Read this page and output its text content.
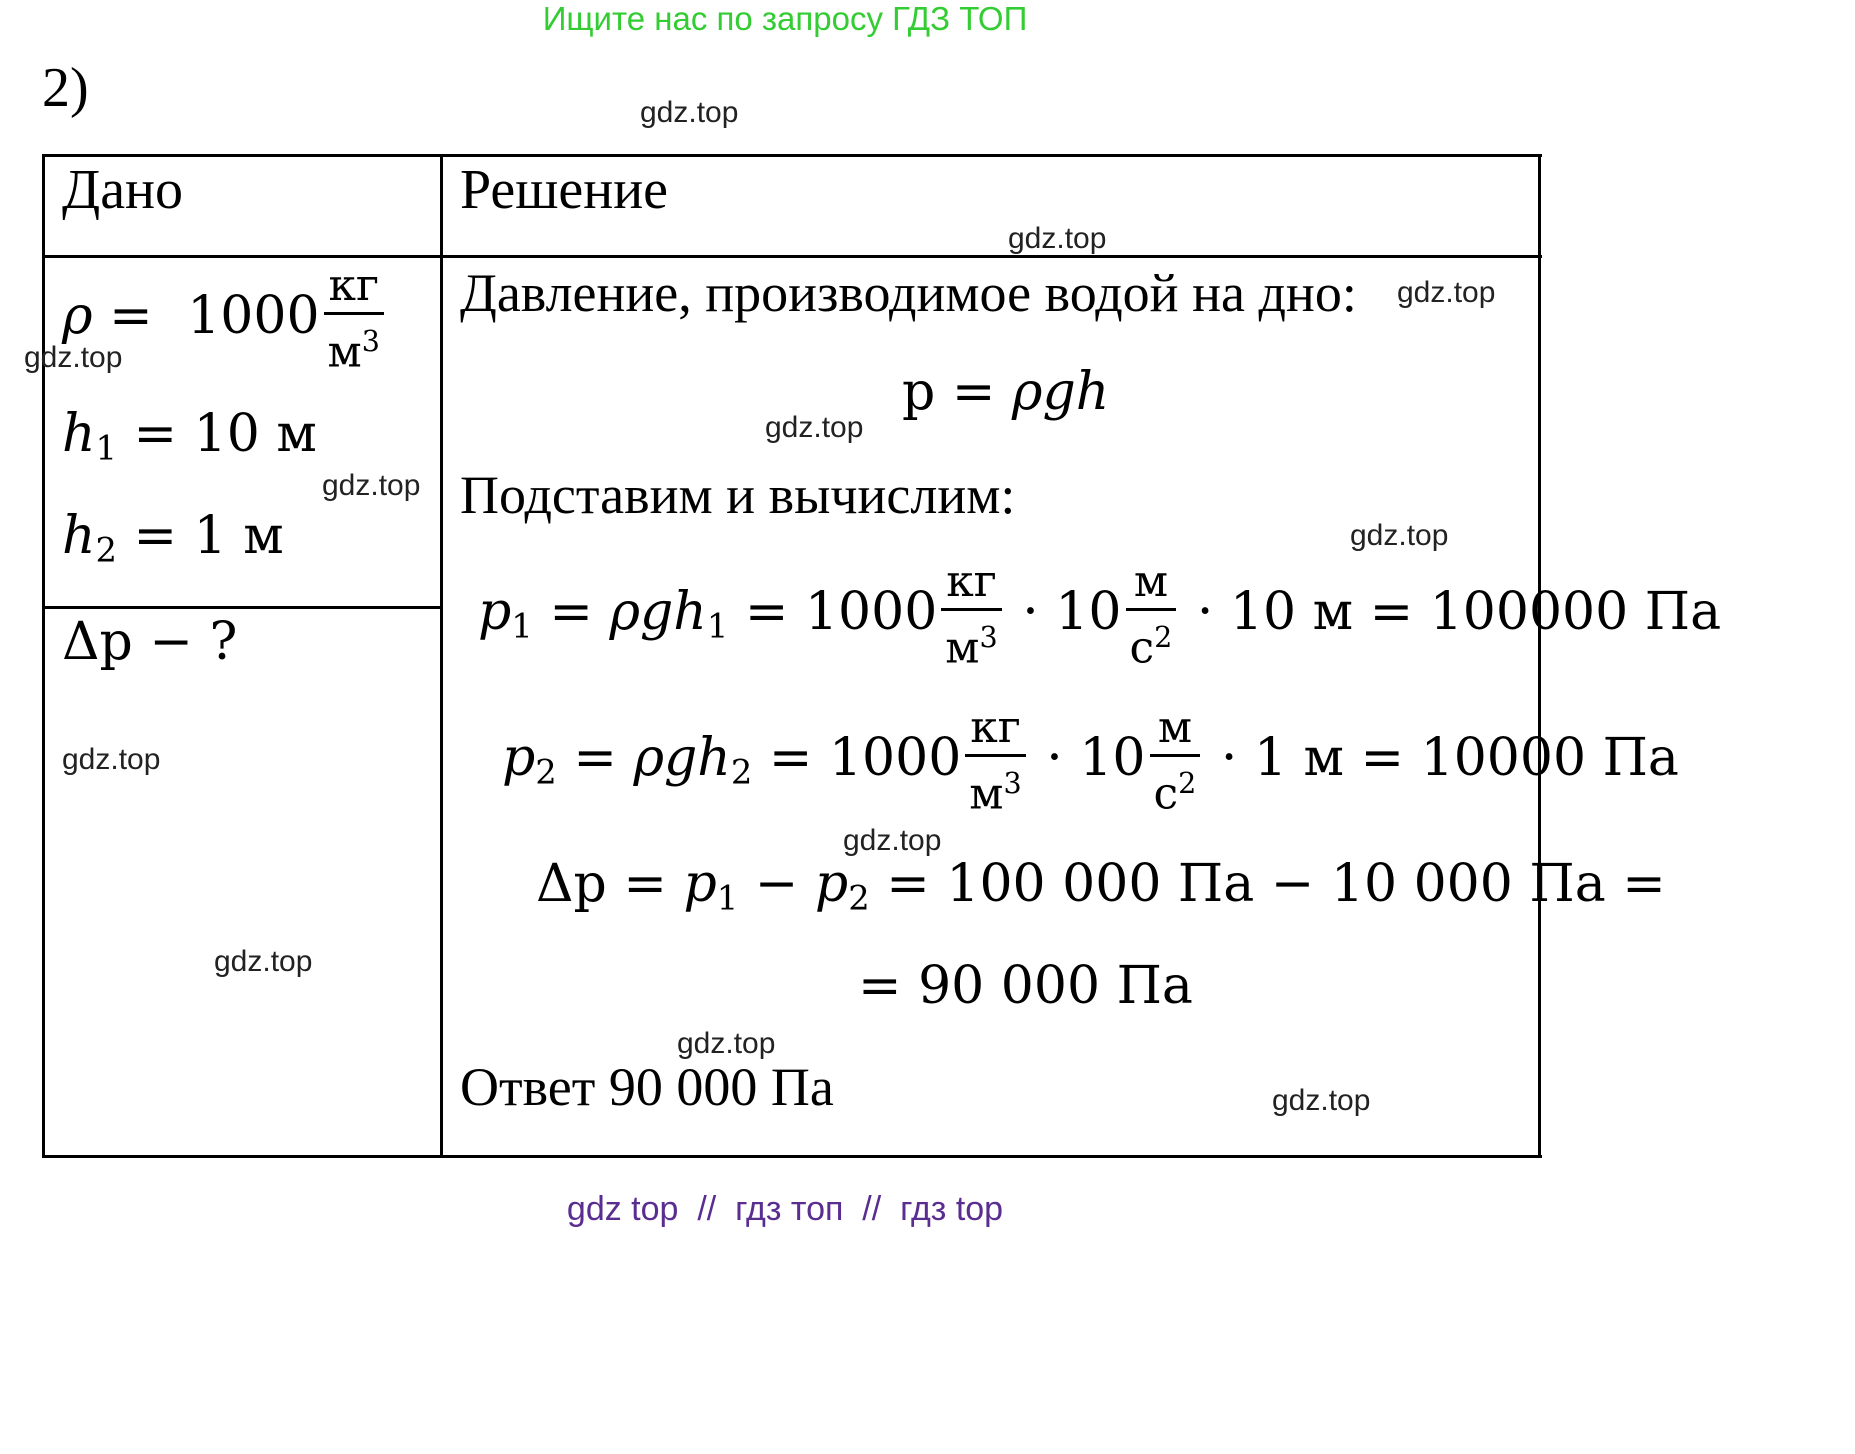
Ищите нас по запросу ГДЗ ТОП
2)
Дано	Решение
$\rho = 1000 \frac{кг}{м^3}$
$h_1 = 10$ м
$h_2 = 1$ м
Δp − ?
Давление, производимое водой на дно:
p = ρgh
Подставим и вычислим:
$p_1 = \rho gh_1 = 1000 \frac{кг}{м^3} \cdot 10 \frac{м}{с^2} \cdot 10$ м = 100000 Па
$p_2 = \rho gh_2 = 1000 \frac{кг}{м^3} \cdot 10 \frac{м}{с^2} \cdot 1$ м = 10000 Па
$\Delta p = p_1 - p_2 = 100$ 000 Па − 10 000 Па =
= 90 000 Па
Ответ 90 000 Па
gdz.top
gdz.top
gdz.top
gdz.top
gdz.top
gdz.top
gdz.top
gdz.top
gdz.top
gdz.top
gdz.top
gdz.top
gdz top  //  гдз топ  //  гдз top
